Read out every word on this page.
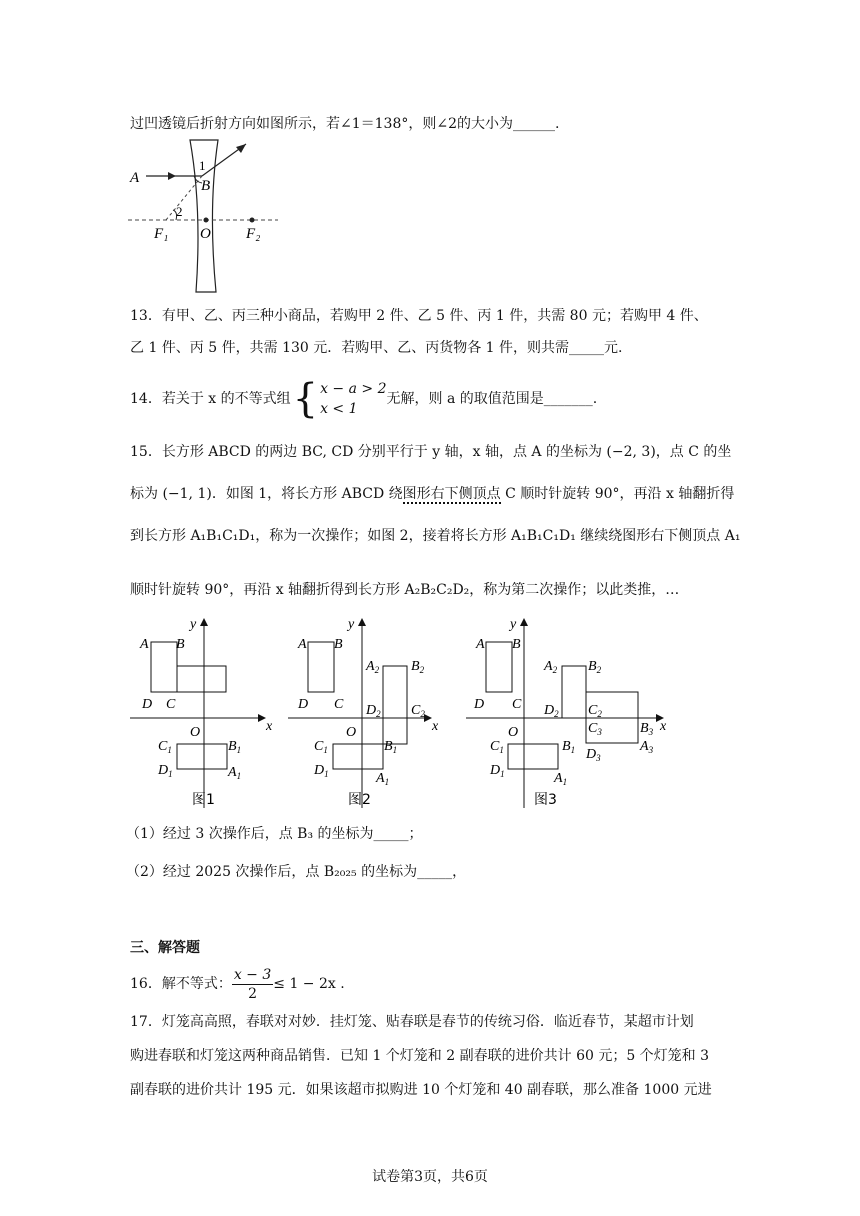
过凹透镜后折射方向如图所示，若∠1＝138°，则∠2的大小为______.
A
1
B
2
F₁ O F₂
13．有甲、乙、丙三种小商品，若购甲 2 件、乙 5 件、丙 1 件，共需 80 元；若购甲 4 件、
乙 1 件、丙 5 件，共需 130 元．若购甲、乙、丙货物各 1 件，则共需_____元.
14．若关于 x 的不等式组{ x − a > 2
x < 1
无解，则 a 的取值范围是_______.
15．长方形 ABCD 的两边 BC, CD 分别平行于 y 轴，x 轴，点 A 的坐标为 (−2, 3)，点 C 的坐
标为 (−1, 1)．如图 1，将长方形 ABCD 绕图形右下侧顶点 C 顺时针旋转 90°，再沿 x 轴翻折得
到长方形 A₁B₁C₁D₁，称为一次操作；如图 2，接着将长方形 A₁B₁C₁D₁ 继续绕图形右下侧顶点 A₁
顺时针旋转 90°，再沿 x 轴翻折得到长方形 A₂B₂C₂D₂，称为第二次操作；以此类推，…
x
y
O
A B
D C
$C_1$	$B_1$
$D_1$	$A_1$
图1
x
y
O
A B
D C
$A_2$ $B_2$
$D_2$ $C_2$
$C_1$	$B_1$
$D_1$	$A_1$
图2
x
y
O
A B
D C
$A_2$ $B_2$
$D_2$ $C_2$
$C_3$	$B_3$
$D_3$
$A_3$
$C_1$	$B_1$
$D_1$	$A_1$
图3
（1）经过 3 次操作后，点 B₃ 的坐标为_____；
（2）经过 2025 次操作后，点 B₂₀₂₅ 的坐标为_____，
三、解答题
16．解不等式： $\frac{x - 3}{2} \le 1 - 2x$ .
17．灯笼高高照，春联对对妙．挂灯笼、贴春联是春节的传统习俗．临近春节，某超市计划
购进春联和灯笼这两种商品销售．已知 1 个灯笼和 2 副春联的进价共计 60 元；5 个灯笼和 3
副春联的进价共计 195 元．如果该超市拟购进 10 个灯笼和 40 副春联，那么准备 1000 元进
试卷第3页，共6页
